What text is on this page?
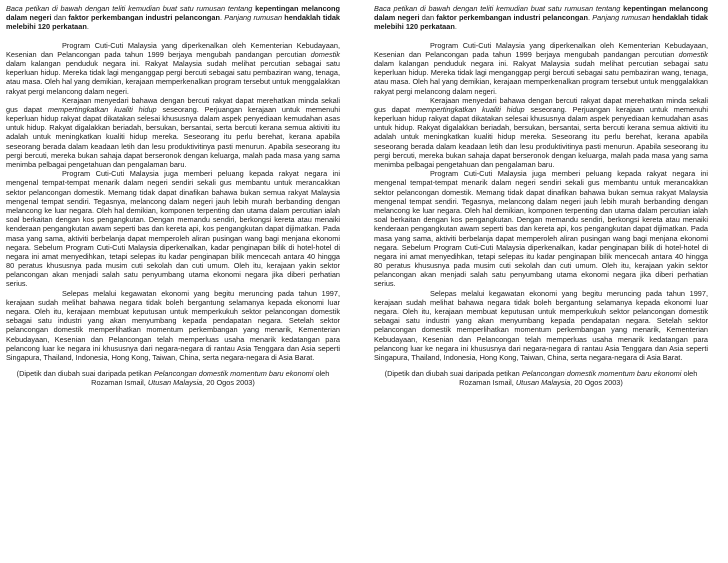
Baca petikan di bawah dengan teliti kemudian buat satu rumusan tentang kepentingan melancong dalam negeri dan faktor perkembangan industri pelancongan. Panjang rumusan hendaklah tidak melebihi 120 perkataan.

Program Cuti-Cuti Malaysia yang diperkenalkan oleh Kementerian Kebudayaan, Kesenian dan Pelancongan pada tahun 1999 berjaya mengubah pandangan percutian domestik dalam kalangan penduduk negara ini. Rakyat Malaysia sudah melihat percutian sebagai satu keperluan hidup. Mereka tidak lagi menganggap pergi bercuti sebagai satu pembaziran wang, tenaga, atau masa. Oleh hal yang demikian, kerajaan memperkenalkan program tersebut untuk menggalakkan rakyat pergi melancong dalam negeri.

Kerajaan menyedari bahawa dengan bercuti rakyat dapat merehatkan minda sekali gus dapat mempertingkatkan kualiti hidup seseorang. Perjuangan kerajaan untuk memenuhi keperluan hidup rakyat dapat dikatakan selesai khususnya dalam aspek penyediaan kemudahan asas untuk hidup. Rakyat digalakkan beriadah, bersukan, bersantai, serta bercuti kerana semua aktiviti itu adalah untuk meningkatkan kualiti hidup mereka. Seseorang itu perlu berehat, kerana apabila seseorang berada dalam keadaan letih dan lesu produktivitinya pasti menurun. Apabila seseorang itu pergi bercuti, mereka bukan sahaja dapat berseronok dengan keluarga, malah pada masa yang sama menimba pelbagai pengetahuan dan pengalaman baru.

Program Cuti-Cuti Malaysia juga memberi peluang kepada rakyat negara ini mengenal tempat-tempat menarik dalam negeri sendiri sekali gus membantu untuk merancakkan sektor pelancongan domestik. Memang tidak dapat dinafikan bahawa bukan semua rakyat Malaysia mengenal tempat sendiri. Tegasnya, melancong dalam negeri jauh lebih murah berbanding dengan melancong ke luar negara. Oleh hal demikian, komponen terpenting dan utama dalam percutian ialah soal berkaitan dengan kos pengangkutan. Dengan memandu sendiri, berkongsi kereta atau menaiki kenderaan pengangkutan awam seperti bas dan kereta api, kos pengangkutan dapat dijimatkan. Pada masa yang sama, aktiviti berbelanja dapat memperoleh aliran pusingan wang bagi menjana ekonomi negara. Sebelum Program Cuti-Cuti Malaysia diperkenalkan, kadar penginapan bilik di hotel-hotel di negara ini amat menyedihkan, tetapi selepas itu kadar penginapan bilik mencecah antara 40 hingga 80 peratus khususnya pada musim cuti sekolah dan cuti umum. Oleh itu, kerajaan yakin sektor pelancongan akan menjadi salah satu penyumbang utama ekonomi negara jika diberi perhatian serius.

Selepas melalui kegawatan ekonomi yang begitu meruncing pada tahun 1997, kerajaan sudah melihat bahawa negara tidak boleh bergantung selamanya kepada ekonomi luar negara. Oleh itu, kerajaan membuat keputusan untuk memperkukuh sektor pelancongan domestik sebagai satu industri yang akan menyumbang kepada pendapatan negara. Setelah sektor pelancongan domestik memperlihatkan momentum perkembangan yang menarik, Kementerian Kebudayaan, Kesenian dan Pelancongan telah memperluas usaha menarik kedatangan para pelancong luar ke negara ini khususnya dari negara-negara di rantau Asia Tenggara dan Asia seperti Singapura, Thailand, Indonesia, Hong Kong, Taiwan, China, serta negara-negara di Asia Barat.

(Dipetik dan diubah suai daripada petikan Pelancongan domestik momentum baru ekonomi oleh Rozaman Ismail, Utusan Malaysia, 20 Ogos 2003)

Baca petikan di bawah dengan teliti kemudian buat satu rumusan tentang kepentingan melancong dalam negeri dan faktor perkembangan industri pelancongan. Panjang rumusan hendaklah tidak melebihi 120 perkataan.

Program Cuti-Cuti Malaysia yang diperkenalkan oleh Kementerian Kebudayaan, Kesenian dan Pelancongan pada tahun 1999 berjaya mengubah pandangan percutian domestik dalam kalangan penduduk negara ini. Rakyat Malaysia sudah melihat percutian sebagai satu keperluan hidup. Mereka tidak lagi menganggap pergi bercuti sebagai satu pembaziran wang, tenaga, atau masa. Oleh hal yang demikian, kerajaan memperkenalkan program tersebut untuk menggalakkan rakyat pergi melancong dalam negeri.

Kerajaan menyedari bahawa dengan bercuti rakyat dapat merehatkan minda sekali gus dapat mempertingkatkan kualiti hidup seseorang. Perjuangan kerajaan untuk memenuhi keperluan hidup rakyat dapat dikatakan selesai khususnya dalam aspek penyediaan kemudahan asas untuk hidup. Rakyat digalakkan beriadah, bersukan, bersantai, serta bercuti kerana semua aktiviti itu adalah untuk meningkatkan kualiti hidup mereka. Seseorang itu perlu berehat, kerana apabila seseorang berada dalam keadaan letih dan lesu produktivitinya pasti menurun. Apabila seseorang itu pergi bercuti, mereka bukan sahaja dapat berseronok dengan keluarga, malah pada masa yang sama menimba pelbagai pengetahuan dan pengalaman baru.

Program Cuti-Cuti Malaysia juga memberi peluang kepada rakyat negara ini mengenal tempat-tempat menarik dalam negeri sendiri sekali gus membantu untuk merancakkan sektor pelancongan domestik. Memang tidak dapat dinafikan bahawa bukan semua rakyat Malaysia mengenal tempat sendiri. Tegasnya, melancong dalam negeri jauh lebih murah berbanding dengan melancong ke luar negara. Oleh hal demikian, komponen terpenting dan utama dalam percutian ialah soal berkaitan dengan kos pengangkutan. Dengan memandu sendiri, berkongsi kereta atau menaiki kenderaan pengangkutan awam seperti bas dan kereta api, kos pengangkutan dapat dijimatkan. Pada masa yang sama, aktiviti berbelanja dapat memperoleh aliran pusingan wang bagi menjana ekonomi negara. Sebelum Program Cuti-Cuti Malaysia diperkenalkan, kadar penginapan bilik di hotel-hotel di negara ini amat menyedihkan, tetapi selepas itu kadar penginapan bilik mencecah antara 40 hingga 80 peratus khususnya pada musim cuti sekolah dan cuti umum. Oleh itu, kerajaan yakin sektor pelancongan akan menjadi salah satu penyumbang utama ekonomi negara jika diberi perhatian serius.

Selepas melalui kegawatan ekonomi yang begitu meruncing pada tahun 1997, kerajaan sudah melihat bahawa negara tidak boleh bergantung selamanya kepada ekonomi luar negara. Oleh itu, kerajaan membuat keputusan untuk memperkukuh sektor pelancongan domestik sebagai satu industri yang akan menyumbang kepada pendapatan negara. Setelah sektor pelancongan domestik memperlihatkan momentum perkembangan yang menarik, Kementerian Kebudayaan, Kesenian dan Pelancongan telah memperluas usaha menarik kedatangan para pelancong luar ke negara ini khususnya dari negara-negara di rantau Asia Tenggara dan Asia seperti Singapura, Thailand, Indonesia, Hong Kong, Taiwan, China, serta negara-negara di Asia Barat.

(Dipetik dan diubah suai daripada petikan Pelancongan domestik momentum baru ekonomi oleh Rozaman Ismail, Utusan Malaysia, 20 Ogos 2003)
